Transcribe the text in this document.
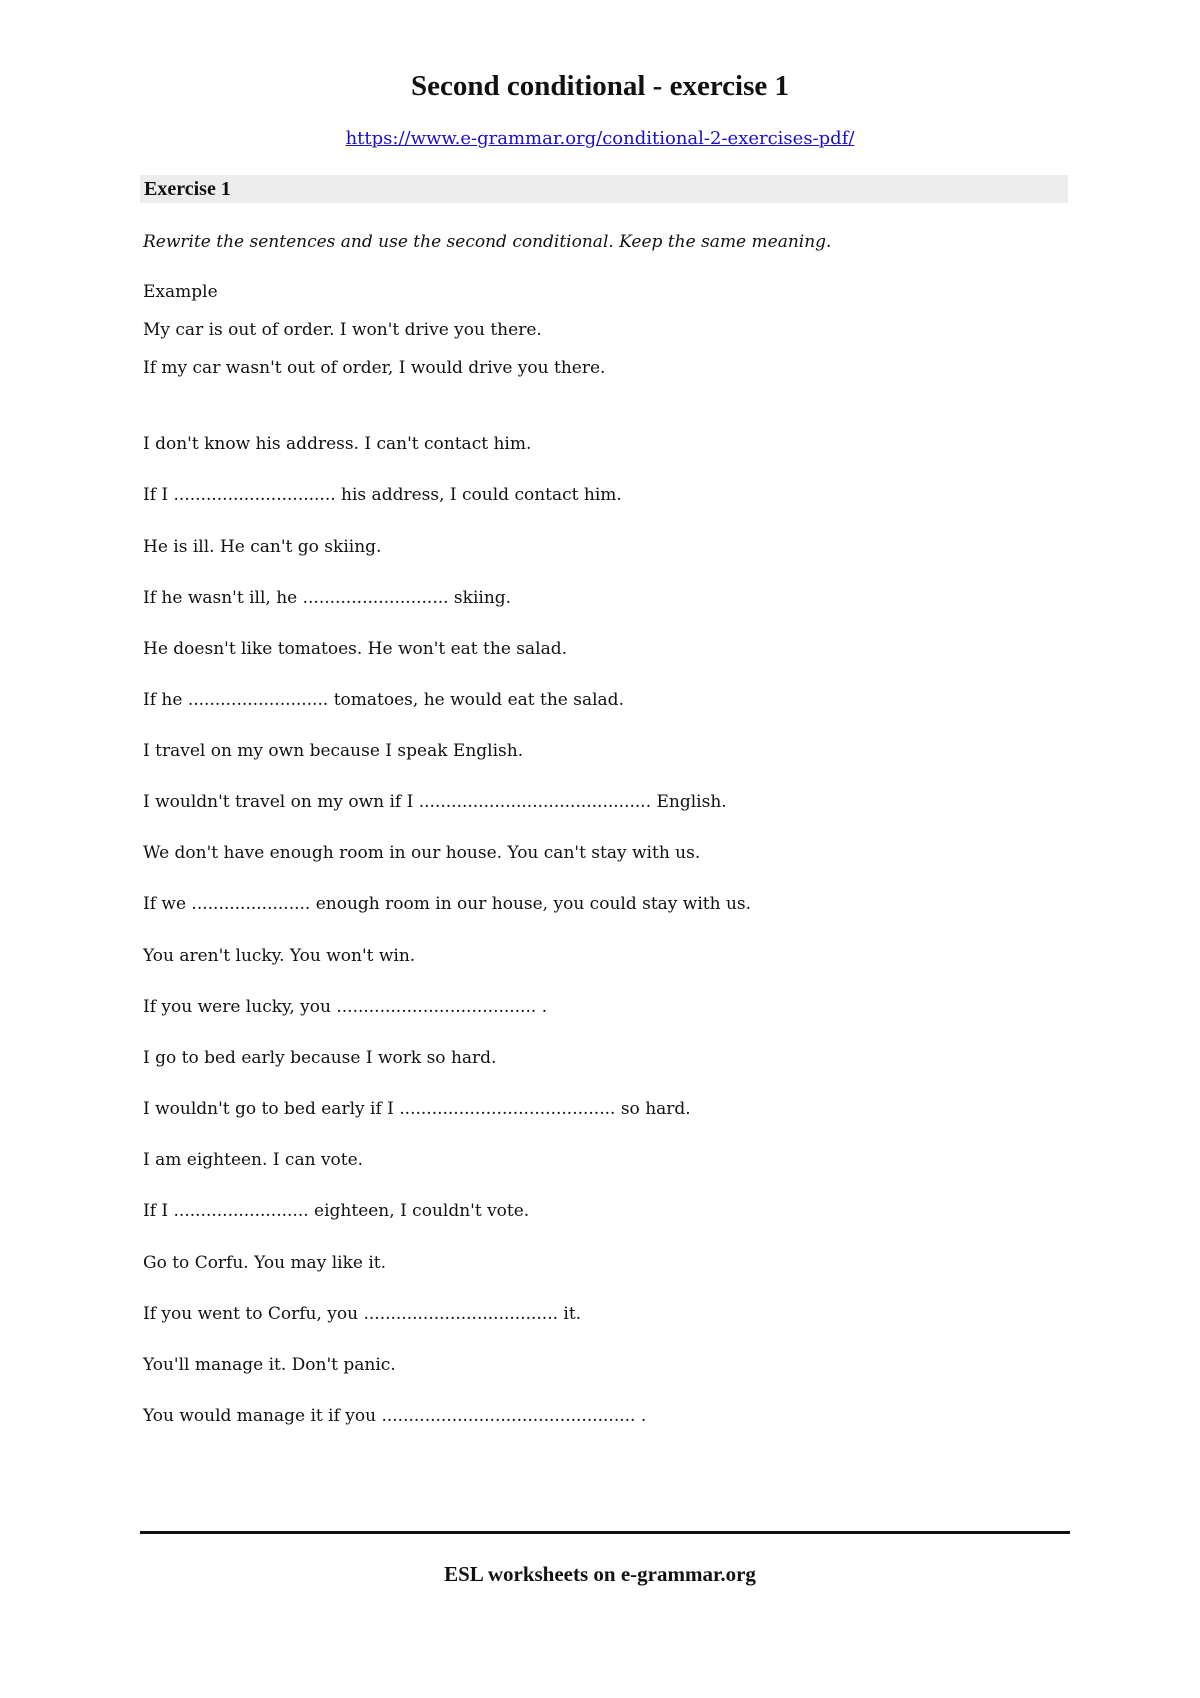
Second conditional - exercise 1
https://www.e-grammar.org/conditional-2-exercises-pdf/
Exercise 1
Rewrite the sentences and use the second conditional. Keep the same meaning.
Example
My car is out of order. I won't drive you there.
If my car wasn't out of order, I would drive you there.
I don't know his address. I can't contact him.
If I .............................. his address, I could contact him.
He is ill. He can't go skiing.
If he wasn't ill, he ........................... skiing.
He doesn't like tomatoes. He won't eat the salad.
If he .......................... tomatoes, he would eat the salad.
I travel on my own because I speak English.
I wouldn't travel on my own if I ........................................... English.
We don't have enough room in our house. You can't stay with us.
If we ...................... enough room in our house, you could stay with us.
You aren't lucky. You won't win.
If you were lucky, you ..................................... .
I go to bed early because I work so hard.
I wouldn't go to bed early if I ........................................ so hard.
I am eighteen. I can vote.
If I ......................... eighteen, I couldn't vote.
Go to Corfu. You may like it.
If you went to Corfu, you .................................... it.
You'll manage it. Don't panic.
You would manage it if you ............................................... .
ESL worksheets on e-grammar.org
